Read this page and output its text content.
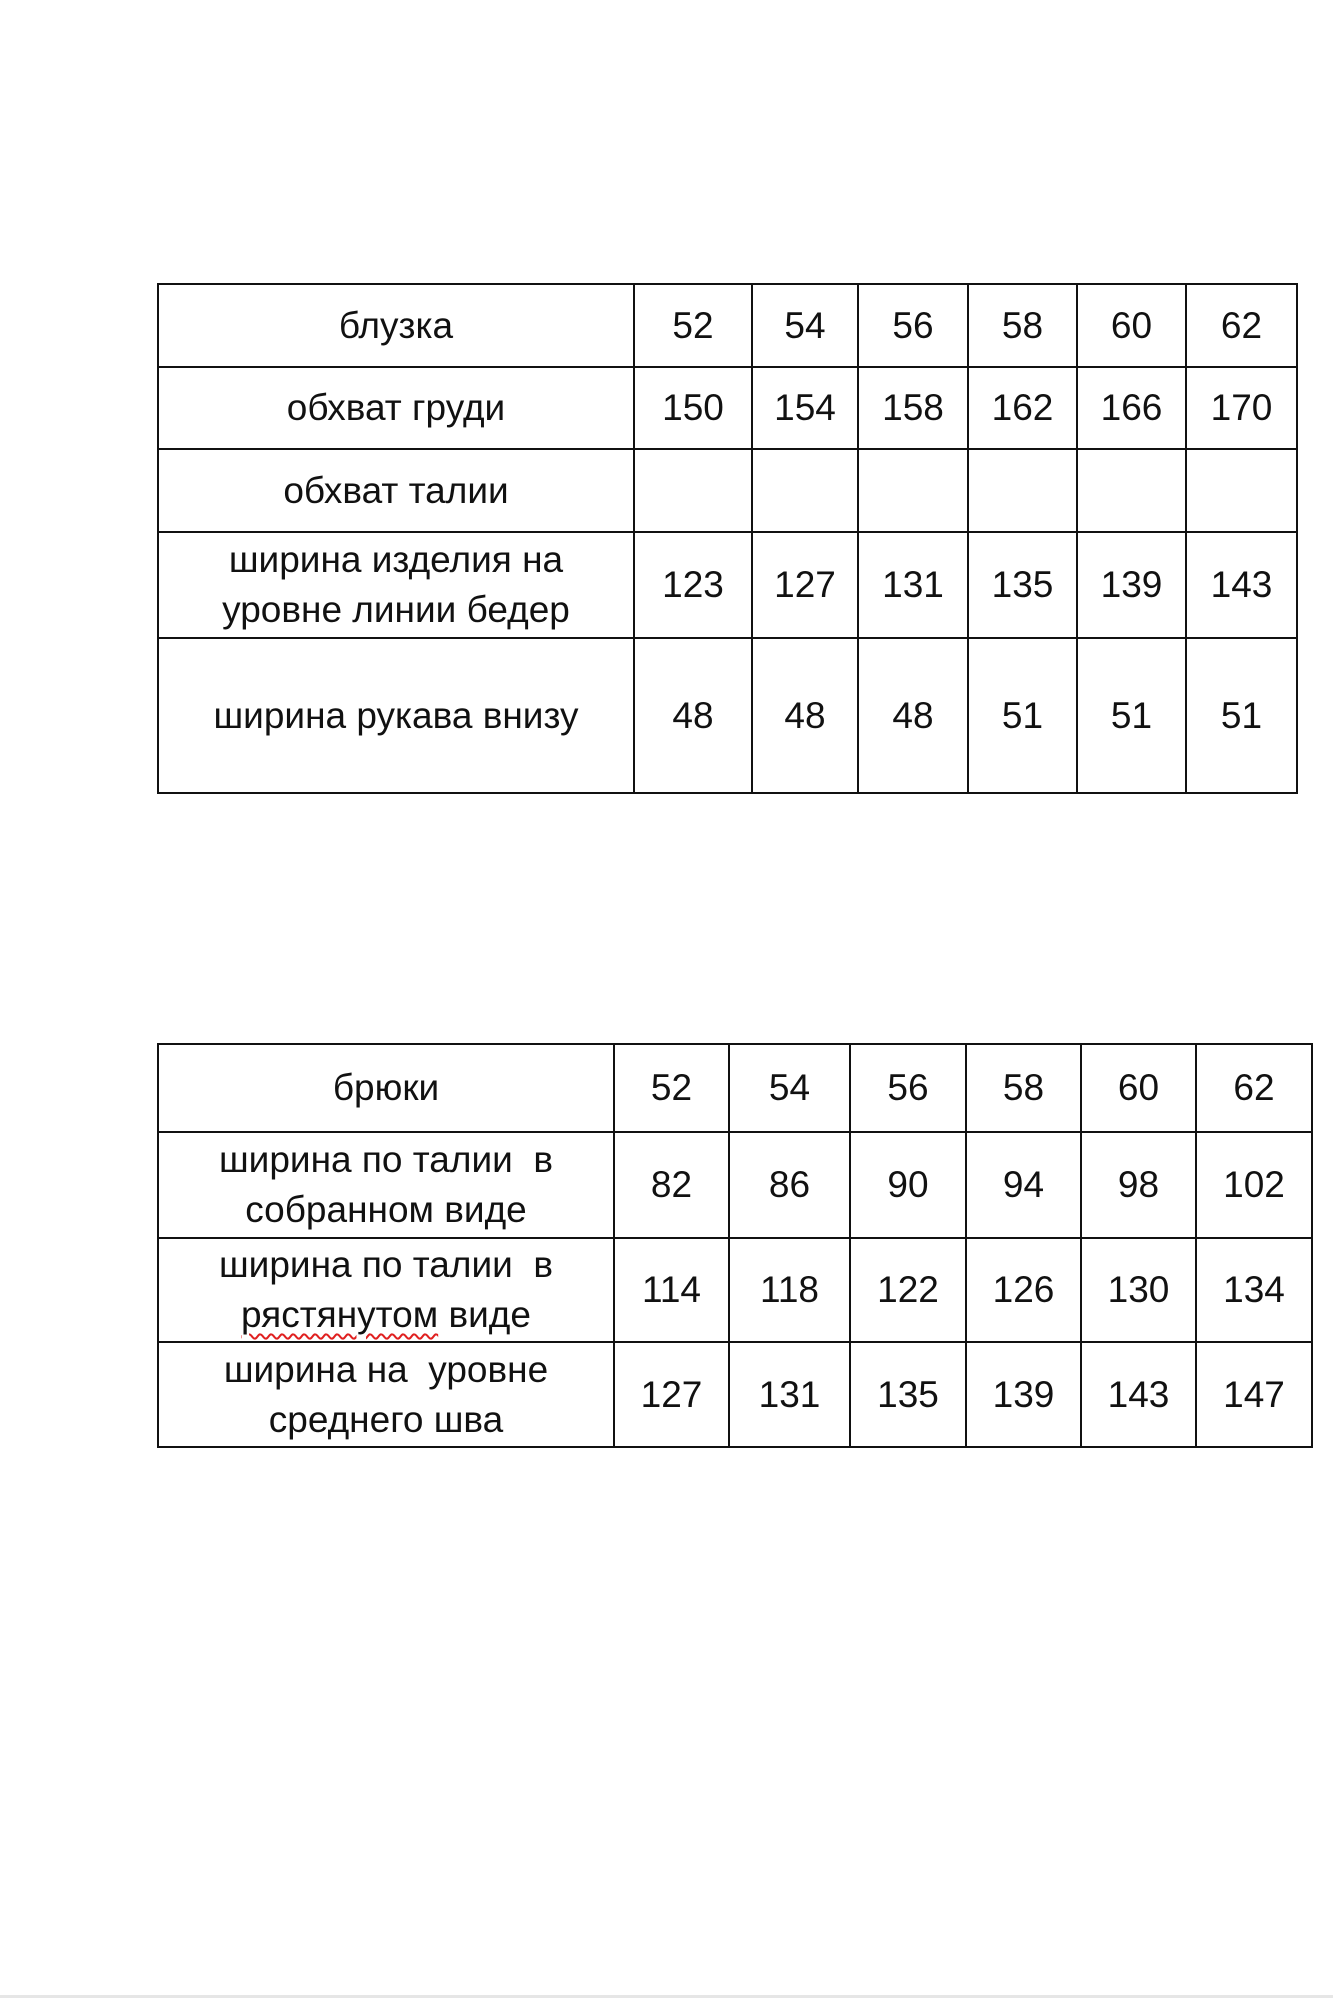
блузка	52	54	56	58	60	62
обхват груди	150	154	158	162	166	170
обхват талии						
ширина изделия на
уровне линии бедер	123	127	131	135	139	143
ширина рукава внизу	48	48	48	51	51	51
брюки	52	54	56	58	60	62
ширина по талии  в
собранном виде	82	86	90	94	98	102
ширина по талии  в
рястянутом виде	114	118	122	126	130	134
ширина на  уровне
среднего шва	127	131	135	139	143	147
